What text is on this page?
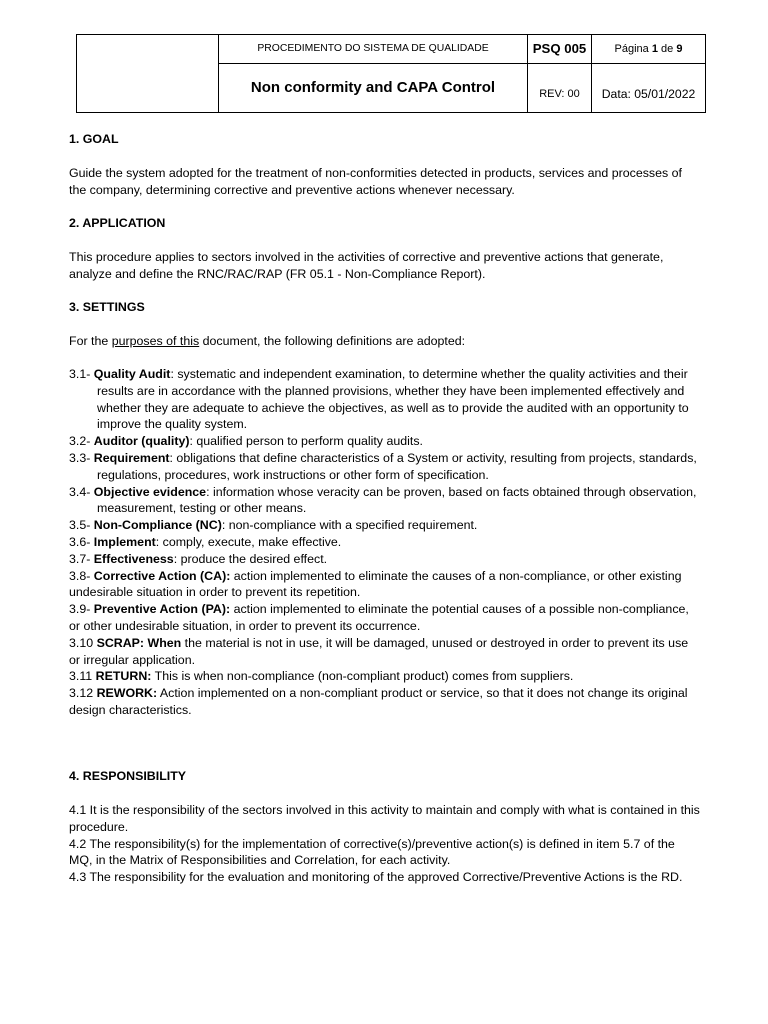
	PROCEDIMENTO DO SISTEMA DE QUALIDADE	PSQ 005	Página 1 de 9
	Non conformity and CAPA Control	REV: 00	Data: 05/01/2022

1. GOAL

Guide the system adopted for the treatment of non-conformities detected in products, services and processes of the company, determining corrective and preventive actions whenever necessary.

2. APPLICATION

This procedure applies to sectors involved in the activities of corrective and preventive actions that generate, analyze and define the RNC/RAC/RAP (FR 05.1 - Non-Compliance Report).

3. SETTINGS

For the purposes of this document, the following definitions are adopted:

3.1- Quality Audit: systematic and independent examination, to determine whether the quality activities and their results are in accordance with the planned provisions, whether they have been implemented effectively and whether they are adequate to achieve the objectives, as well as to provide the audited with an opportunity to improve the quality system.
3.2- Auditor (quality): qualified person to perform quality audits.
3.3- Requirement: obligations that define characteristics of a System or activity, resulting from projects, standards, regulations, procedures, work instructions or other form of specification.
3.4- Objective evidence: information whose veracity can be proven, based on facts obtained through observation, measurement, testing or other means.
3.5- Non-Compliance (NC): non-compliance with a specified requirement.
3.6- Implement: comply, execute, make effective.
3.7- Effectiveness: produce the desired effect.
3.8- Corrective Action (CA): action implemented to eliminate the causes of a non-compliance, or other existing undesirable situation in order to prevent its repetition.
3.9- Preventive Action (PA): action implemented to eliminate the potential causes of a possible non-compliance, or other undesirable situation, in order to prevent its occurrence.
3.10 SCRAP: When the material is not in use, it will be damaged, unused or destroyed in order to prevent its use or irregular application.
3.11 RETURN: This is when non-compliance (non-compliant product) comes from suppliers.
3.12 REWORK: Action implemented on a non-compliant product or service, so that it does not change its original design characteristics.

4. RESPONSIBILITY

4.1 It is the responsibility of the sectors involved in this activity to maintain and comply with what is contained in this procedure.
4.2 The responsibility(s) for the implementation of corrective(s)/preventive action(s) is defined in item 5.7 of the MQ, in the Matrix of Responsibilities and Correlation, for each activity.
4.3 The responsibility for the evaluation and monitoring of the approved Corrective/Preventive Actions is the RD.
